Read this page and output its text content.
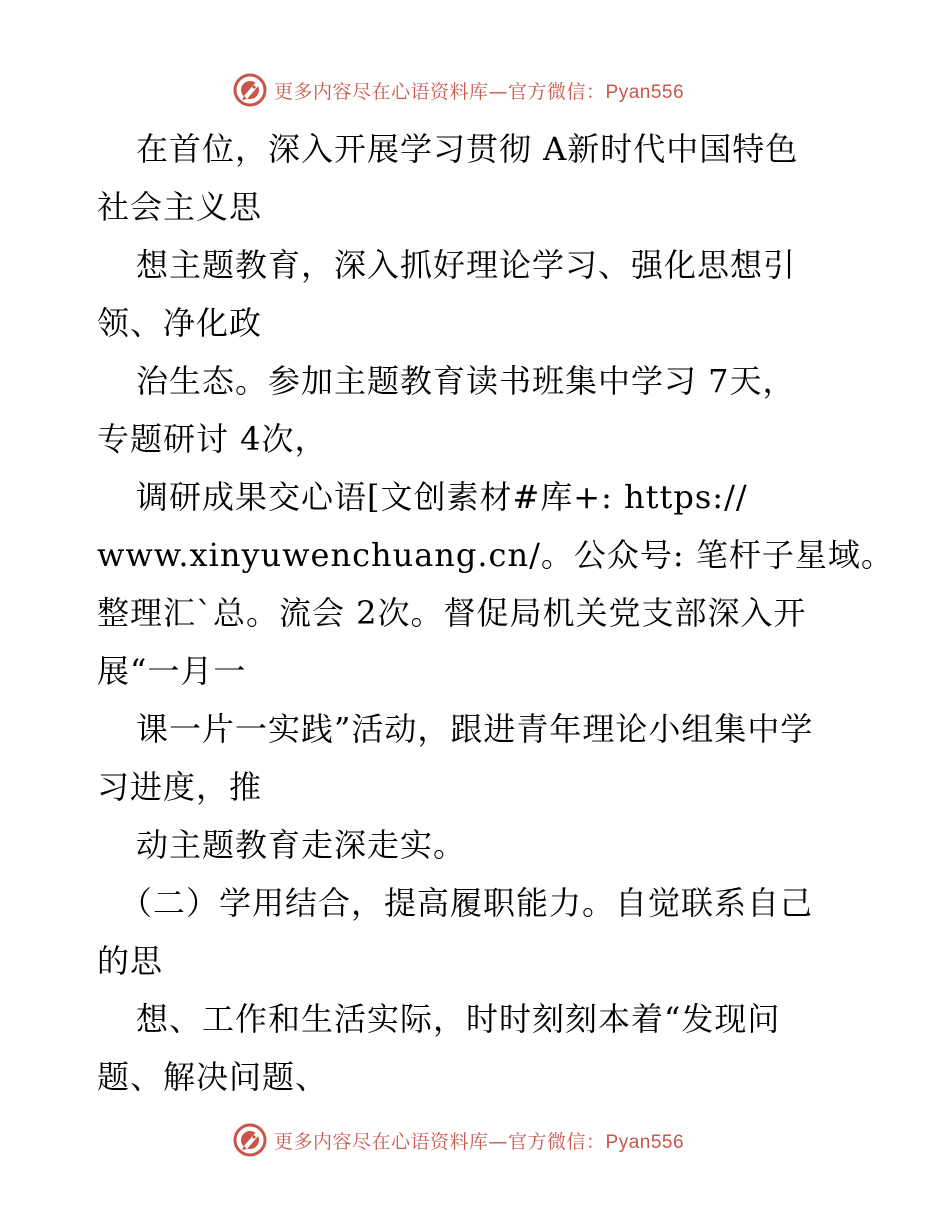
更多内容尽在心语资料库—官方微信：Pyan556
在首位，深入开展学习贯彻 A新时代中国特色
社会主义思
想主题教育，深入抓好理论学习、强化思想引
领、净化政
治生态。参加主题教育读书班集中学习 7天，
专题研讨 4次，
调研成果交心语[文创素材#库+: https://
www.xinyuwenchuang.cn/。公众号: 笔杆子星域。
整理汇`总。流会 2次。督促局机关党支部深入开
展“一月一
课一片一实践”活动，跟进青年理论小组集中学
习进度，推
动主题教育走深走实。
（二）学用结合，提高履职能力。自觉联系自己
的思
想、工作和生活实际，时时刻刻本着“发现问
题、解决问题、
更多内容尽在心语资料库—官方微信：Pyan556
